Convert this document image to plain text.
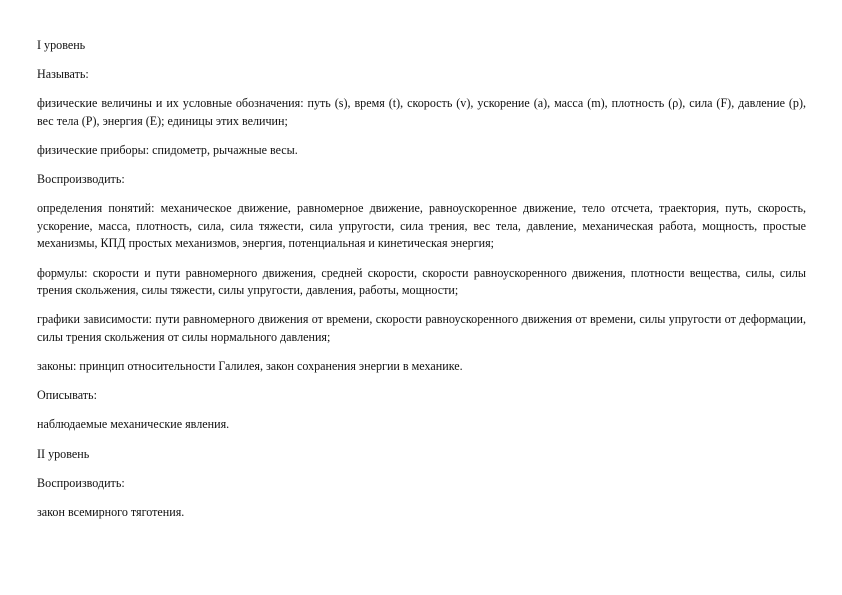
I уровень

Называть:

физические величины и их условные обозначения: путь (s), время (t), скорость (v), ускорение (a), масса (m), плотность (ρ), сила (F), давление (p), вес тела (P), энергия (E); единицы этих величин;

физические приборы: спидометр, рычажные весы.

Воспроизводить:

определения понятий: механическое движение, равномерное движение, равноускоренное движение, тело отсчета, траектория, путь, скорость, ускорение, масса, плотность, сила, сила тяжести, сила упругости, сила трения, вес тела, давление, механическая работа, мощность, простые механизмы, КПД простых механизмов, энергия, потенциальная и кинетическая энергия;

формулы: скорости и пути равномерного движения, средней скорости, скорости равноускоренного движения, плотности вещества, силы, силы трения скольжения, силы тяжести, силы упругости, давления, работы, мощности;

графики зависимости: пути равномерного движения от времени, скорости равноускоренного движения от времени, силы упругости от деформации, силы трения скольжения от силы нормального давления;

законы: принцип относительности Галилея, закон сохранения энергии в механике.

Описывать:

наблюдаемые механические явления.

II уровень

Воспроизводить:

закон всемирного тяготения.
